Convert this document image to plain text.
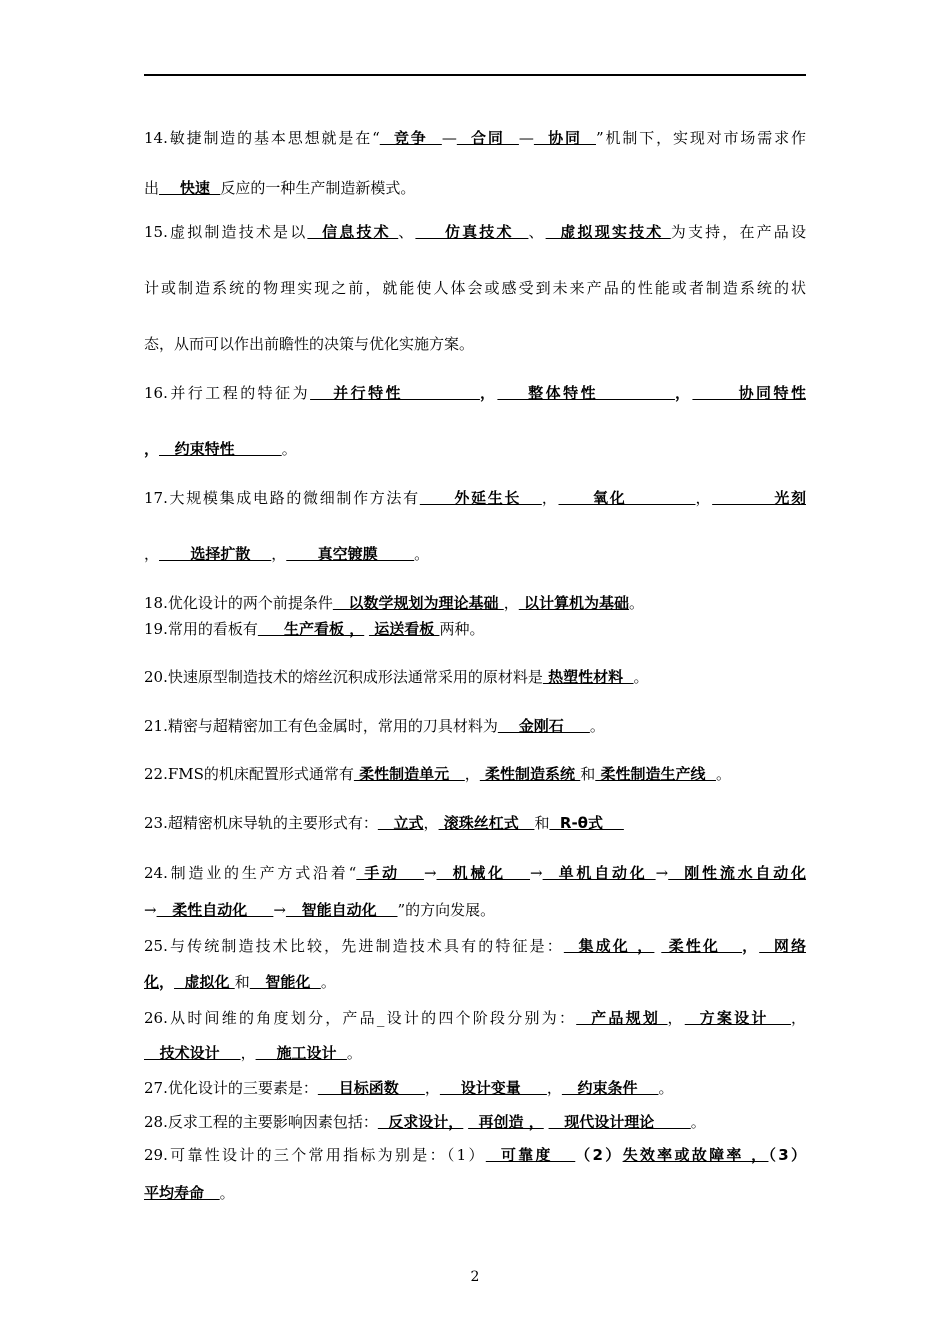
14.敏捷制造的基本思想就是在“  竞争  —  合同  —  协同  ”机制下，实现对市场需求作
出    快速  反应的一种生产制造新模式。
15.虚拟制造技术是以  信息技术 、    仿真技术  、  虚拟现实技术 为支持，在产品设
计或制造系统的物理实现之前，就能使人体会或感受到未来产品的性能或者制造系统的状
态，从而可以作出前瞻性的决策与优化实施方案。
16.并行工程的特征为   并行特性          ，    整体特性          ，      协同特性
，   约束特性         。
17.大规模集成电路的微细制作方法有     外延生长   ，     氧化          ，         光刻
，      选择扩散    ，      真空镀膜       。
18.优化设计的两个前提条件   以数学规划为理论基础 ， 以计算机为基础。
19.常用的看板有     生产看板 ，  运送看板 两种。
20.快速原型制造技术的熔丝沉积成形法通常采用的原材料是 热塑性材料  。
21.精密与超精密加工有色金属时，常用的刀具材料为    金刚石     。
22.FMS的机床配置形式通常有 柔性制造单元   ， 柔性制造系统 和 柔性制造生产线  。
23.超精密机床导轨的主要形式有：   立式， 滚珠丝杠式   和  R-θ式
24.制造业的生产方式沿着“ 手动   →  机械化   →  单机自动化 →  刚性流水自动化
→   柔性自动化     →   智能自动化    ”的方向发展。
25.与传统制造技术比较，先进制造技术具有的特征是：  集成化 ，  柔性化   ，  网络
化，  虚拟化 和   智能化  。
26.从时间维的角度划分，产品_设计的四个阶段分别为：  产品规划 ，  方案设计   ，
技术设计    ，    施工设计  。
27.优化设计的三要素是：    目标函数     ，    设计变量     ，   约束条件    。
28.反求工程的主要影响因素包括：  反求设计，   再创造 ，    现代设计理论       。
29.可靠性设计的三个常用指标为别是：（1）  可靠度   （2）失效率或故障率 ，（3）
平均寿命   。
2
